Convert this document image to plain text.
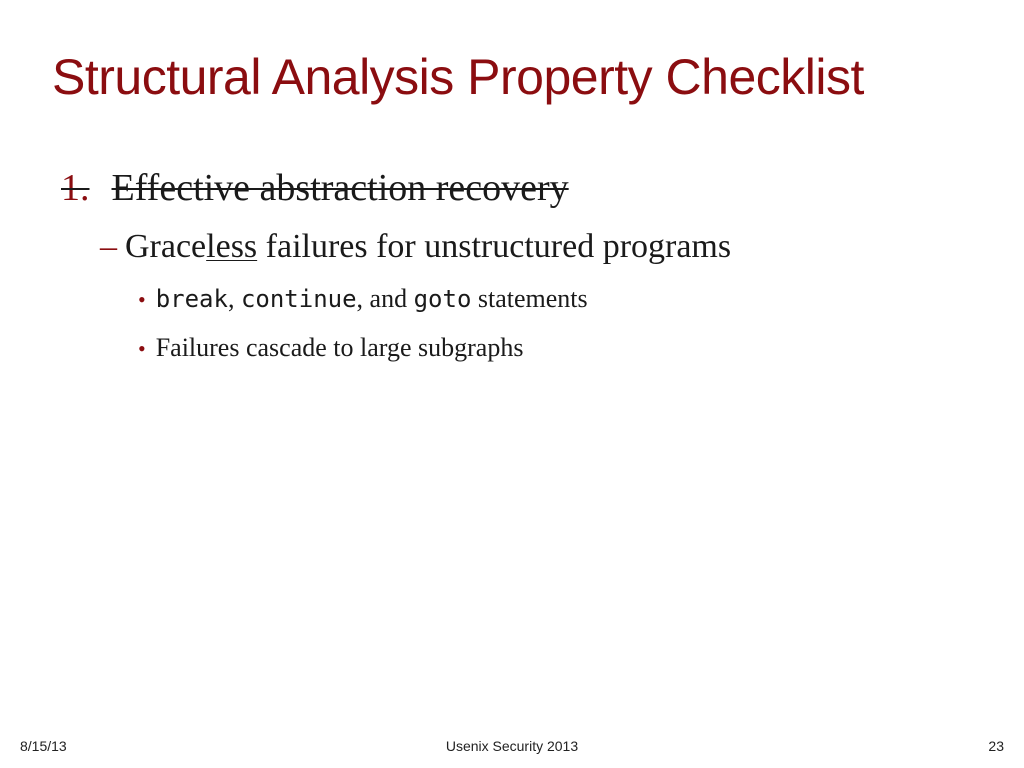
Structural Analysis Property Checklist
1. Effective abstraction recovery
– Graceless failures for unstructured programs
• break, continue, and goto statements
• Failures cascade to large subgraphs
8/15/13	Usenix Security 2013	23
